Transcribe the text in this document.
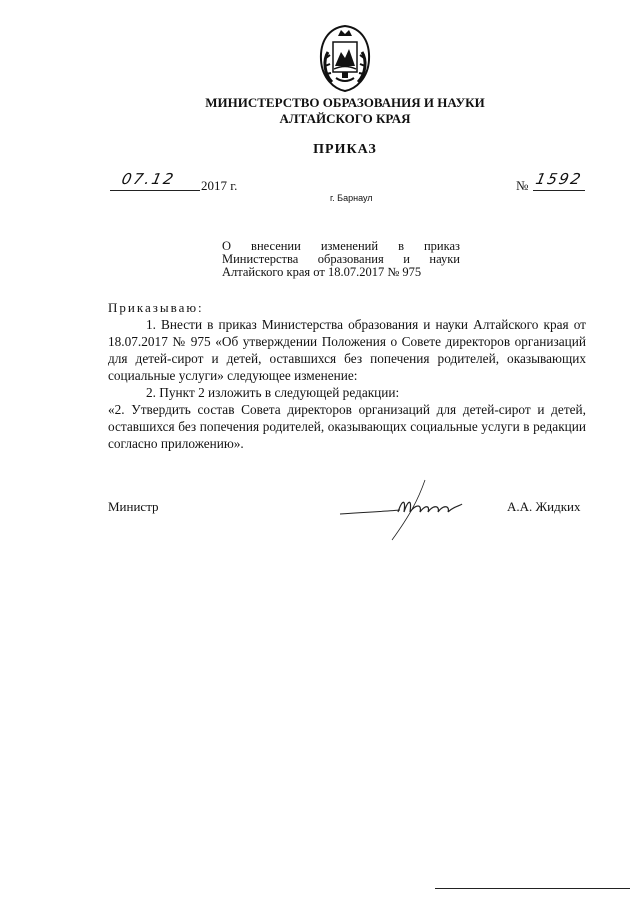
МИНИСТЕРСТВО ОБРАЗОВАНИЯ И НАУКИ
АЛТАЙСКОГО КРАЯ
ПРИКАЗ
07.12 2017 г.	№ 1592
г. Барнаул
О внесении изменений в приказ
Министерства образования и науки
Алтайского края от 18.07.2017 № 975
Приказываю:

1. Внести в приказ Министерства образования и науки Алтайского края от 18.07.2017 № 975 «Об утверждении Положения о Совете директоров организаций для детей-сирот и детей, оставшихся без попечения родителей, оказывающих социальные услуги» следующее изменение:

2. Пункт 2 изложить в следующей редакции:

«2. Утвердить состав Совета директоров организаций для детей-сирот и детей, оставшихся без попечения родителей, оказывающих социальные услуги в редакции согласно приложению».

Министр	А.А. Жидких
